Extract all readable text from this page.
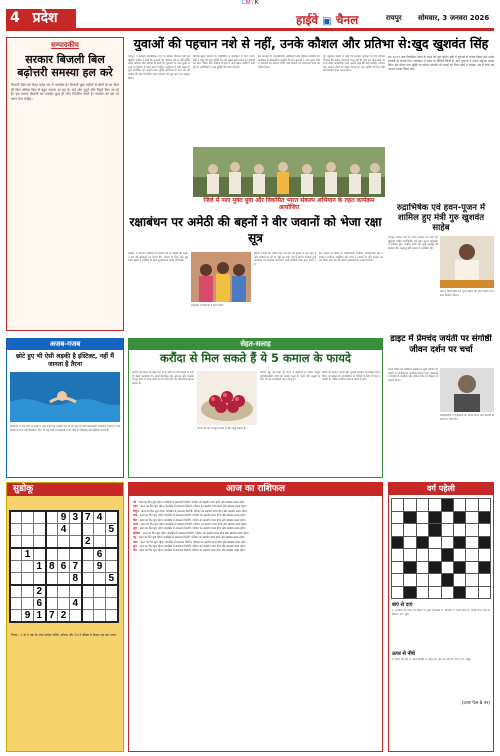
CMYK
4 प्रदेश	हाईवे ▣ चैनल	रायपुर सोमवार, 3 जनवरा 2026
सम्पादकीय
सरकार बिजली बिल बढ़ोत्तरी समस्या हल करे
बिजली बिल को लेकर प्रदेश भर में असंतोष है। बिजली कुछ महीनों से लोगों के घर बिजली बिल अधिक बिल से बहुत ज्यादा आ रहा है। कई लोग दुगुने और तिगुने बिल आ रहे हैं। इस कारण बिजली का उपयोग कुछ ही लोग नियमित करते हैं। सरकार को इस पर ध्यान देना चाहिए।
युवाओं की पहचान नशे से नहीं, उनके कौशल और प्रतिभा से:खुद खुशवंत सिंह
रायपुर, 3 अगस्त। छत्तीसगढ़ राज्य के कौशल विकास मंत्री गुरु खुशवंत साहेब ने कहा कि युवाओं की पहचान नशे से नहीं बल्कि उनके कौशल और प्रतिभा से होती है। युवाओं को नशा मुक्त समाज के निर्माण में आगे आना चाहिए। कार्यक्रम में बड़ी संख्या में युवा उपस्थित रहे। उन्होंने नशा मुक्ति अभियान में भाग लेने की अपील की और विकसित भारत संकल्प को पूरा करने का आह्वान किया।
विभिन्न स्कूल कॉलेज के विद्यार्थियों ने कार्यक्रम में भाग लिया। मंत्री ने कहा कि युवा शक्ति देश की सबसे बड़ी ताकत है। युवाओं को खेल, शिक्षा और कौशल के क्षेत्र में आगे बढ़ना चाहिए। कार्यक्रम में अतिथियों ने नशा मुक्ति की शपथ दिलाई।
इस अवसर पर जनप्रतिनिधि, अधिकारी और शिक्षक उपस्थित थे। कार्यक्रम में सांस्कृतिक प्रस्तुति दी गई। युवाओं ने नशा मुक्त जीवन अपनाने का संकल्प लिया तथा समाज को जागरूक करने का निर्णय लिया।
गुरु खुशवंत साहेब ने कहा कि सरकार युवाओं के लिए कौशल विकास की अनेक योजनाएं चला रही है। युवा इन योजनाओं का लाभ लेकर आत्मनिर्भर बनें। उन्होंने कहा कि नशा व्यक्ति, परिवार और समाज तीनों को बर्बाद करता है। नशा मुक्ति के लिए सभी को मिलकर काम करना होगा।
हम 2047 तक विकसित भारत के लक्ष्य को पूरा करेंगे। मंत्री ने युवाओं से संवाद किया और उनके सवालों के जवाब दिए। कार्यक्रम में प्रदेश के विभिन्न जिलों से आए युवाओं ने अपने अनुभव साझा किए। इस दौरान नशा मुक्ति पर पोस्टर प्रदर्शनी भी लगाई गई जिसे लोगों ने सराहा। अंत में सभी का आभार व्यक्त किया गया।
जिले में नशा मुक्त युवा और विकसित भारत संकल्प अभियान के तहत कार्यक्रम आयोजित
रक्षाबंधन पर अमेठी की बहनों ने वीर जवानों को भेजा रक्षा सूत्र
अमेठी, 3 अगस्त। रक्षाबंधन के पावन पर्व पर अमेठी की बहनों ने देश की सीमाओं पर तैनात वीर जवानों के लिए रक्षा सूत्र भेजे। बहनों ने राखियों के साथ शुभकामना संदेश भी लिखे।
कार्यक्रम में छात्राओं ने भाग लिया।
बहनों ने कहा कि जवान दिन रात देश की सुरक्षा में लगे रहते हैं और त्योहारों पर भी घर नहीं आ पाते। ऐसे में हमारी राखियां उन्हें अपनेपन का एहसास कराएंगी। सभी राखियां डाक द्वारा भेजी गईं।
इस अवसर पर संस्था के पदाधिकारी, शिक्षक, अभिभावक और गणमान्य नागरिक उपस्थित रहे। सभी ने जवानों के प्रति सम्मान व्यक्त किया और देश की एकता अखंडता का संकल्प लिया।
रुद्राभिषेक एवं हवन-पूजन में शामिल हुए मंत्री गुरु खुशवंत साहेब
रायपुर। सावन माह के पावन अवसर पर मंत्री गुरु खुशवंत साहेब रुद्राभिषेक एवं हवन पूजन कार्यक्रम में शामिल हुए। उन्होंने प्रदेश की सुख समृद्धि की कामना की। श्रद्धालु बड़ी संख्या में उपस्थित रहे।
मंत्री ने विधि विधान से पूजा अर्चना की और भक्तों को प्रसाद वितरित किया।
अजब-गजब
छोटे हुए भी ऐसी लड़की है इंस्टिक्ट, नहीं मैं जानता है तैरना
अमेरिका के एक छोटे से कस्बे में रहने वाली यह लड़की जन्म से ही पानी के प्रति स्वाभाविक आकर्षण रखती है। उसे किसी ने तैरना नहीं सिखाया, फिर भी वह पानी में आसानी से तैर लेती है। विशेषज्ञ इसे इंस्टिंक्ट मानते हैं।
सेहत-सलाह
करौंदा से मिल सकते हैं ये 5 कमाल के फायदे
करौंदा एक छोटा सा खट्टा फल है जो स्वाद के साथ सेहत के लिए भी बेहद फायदेमंद है। इसमें विटामिन सी, आयरन और फाइबर भरपूर मात्रा में पाया जाता है जो शरीर की रोग प्रतिरोधक क्षमता बढ़ाता है।
पाचन तंत्र को मजबूत बनाता है और भूख बढ़ाता है।
करौंदा खून की कमी दूर करने में सहायक है। इसमें मौजूद एंटीऑक्सीडेंट त्वचा को स्वस्थ रखते हैं। दांतों और मसूड़ों के लिए भी यह लाभकारी माना जाता है।
करौंदे का अचार, चटनी और मुरब्बा बनाकर भी इसका सेवन किया जा सकता है। डायबिटीज के रोगियों के लिए भी यह उपयोगी है, लेकिन अधिक मात्रा में सेवन से बचें।
डाइट में प्रेमचंद जयंती पर संगोष्ठी जीवन दर्शन पर चर्चा
जिला शिक्षा एवं प्रशिक्षण संस्थान में मुंशी प्रेमचंद की जयंती पर संगोष्ठी का आयोजन किया गया। वक्ताओं ने प्रेमचंद के साहित्य और जीवन दर्शन पर विस्तार से प्रकाश डाला।
प्रशिक्षार्थियों ने कहानियों का वाचन किया और प्रेमचंद के पात्रों पर चर्चा की।
वर्ग पहेली

बाएं से दाएं
1. दरवाजा बंद करने का साधन 3. पूजा का स्थान 5. आकाश 7. चलने वाला 9. कपड़ा 10. नदी का किनारा 12. सुंदर
ऊपर से नीचे
1. शरीर का अंग 2. ज्ञानी व्यक्ति 4. बादल 6. फल का नाम 8. पत्थर 11. समुद्र
(उत्तर पेज 8 पर)
सुडोकू
				9	3	7	4	
				4				5
						2		
	1						6	
		1	8	6	7		9	
					8			5
		2						
		6			4			
	9	1	7	2				
नियम : 1 से 9 तक के अंक प्रत्येक पंक्ति, कॉलम और 3×3 बॉक्स में केवल एक बार आएं।
आज का राशिफल
मेष : आज का दिन शुभ रहेगा। कार्यक्षेत्र में सफलता मिलेगी, परिवार का सहयोग प्राप्त होगा और स्वास्थ्य उत्तम रहेगा।
वृषभ : आज का दिन शुभ रहेगा। कार्यक्षेत्र में सफलता मिलेगी, परिवार का सहयोग प्राप्त होगा और स्वास्थ्य उत्तम रहेगा।
मिथुन : आज का दिन शुभ रहेगा। कार्यक्षेत्र में सफलता मिलेगी, परिवार का सहयोग प्राप्त होगा और स्वास्थ्य उत्तम रहेगा।
कर्क : आज का दिन शुभ रहेगा। कार्यक्षेत्र में सफलता मिलेगी, परिवार का सहयोग प्राप्त होगा और स्वास्थ्य उत्तम रहेगा।
सिंह : आज का दिन शुभ रहेगा। कार्यक्षेत्र में सफलता मिलेगी, परिवार का सहयोग प्राप्त होगा और स्वास्थ्य उत्तम रहेगा।
कन्या : आज का दिन शुभ रहेगा। कार्यक्षेत्र में सफलता मिलेगी, परिवार का सहयोग प्राप्त होगा और स्वास्थ्य उत्तम रहेगा।
तुला : आज का दिन शुभ रहेगा। कार्यक्षेत्र में सफलता मिलेगी, परिवार का सहयोग प्राप्त होगा और स्वास्थ्य उत्तम रहेगा।
वृश्चिक : आज का दिन शुभ रहेगा। कार्यक्षेत्र में सफलता मिलेगी, परिवार का सहयोग प्राप्त होगा और स्वास्थ्य उत्तम रहेगा।
धनु : आज का दिन शुभ रहेगा। कार्यक्षेत्र में सफलता मिलेगी, परिवार का सहयोग प्राप्त होगा और स्वास्थ्य उत्तम रहेगा।
मकर : आज का दिन शुभ रहेगा। कार्यक्षेत्र में सफलता मिलेगी, परिवार का सहयोग प्राप्त होगा और स्वास्थ्य उत्तम रहेगा।
कुंभ : आज का दिन शुभ रहेगा। कार्यक्षेत्र में सफलता मिलेगी, परिवार का सहयोग प्राप्त होगा और स्वास्थ्य उत्तम रहेगा।
मीन : आज का दिन शुभ रहेगा। कार्यक्षेत्र में सफलता मिलेगी, परिवार का सहयोग प्राप्त होगा और स्वास्थ्य उत्तम रहेगा।
